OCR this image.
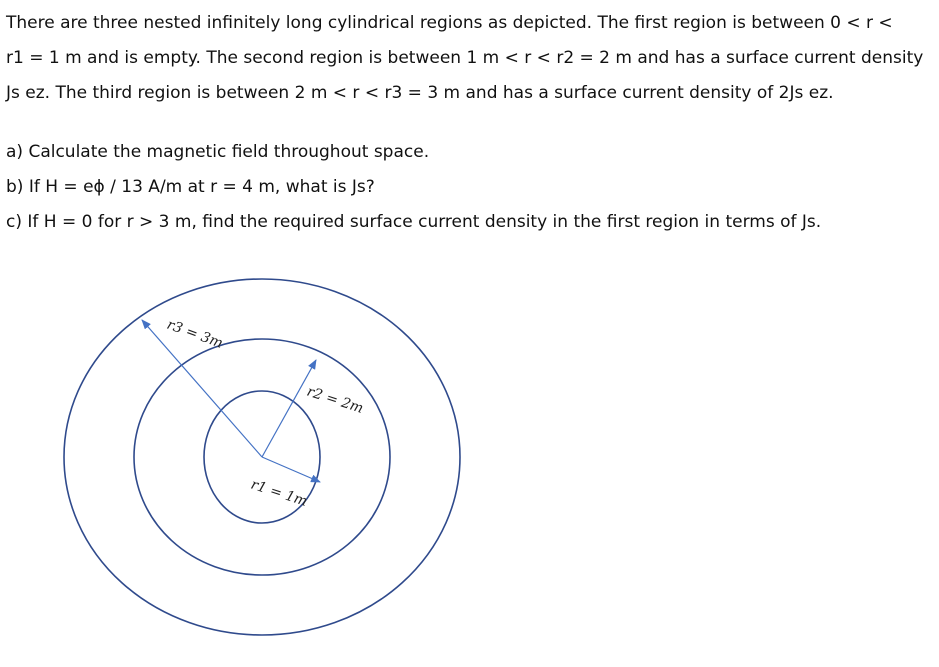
There are three nested infinitely long cylindrical regions as depicted. The first region is between 0 < r <

r1 = 1 m and is empty. The second region is between 1 m < r < r2 = 2 m and has a surface current density

Js ez. The third region is between 2 m < r < r3 = 3 m and has a surface current density of 2Js ez.

a) Calculate the magnetic field throughout space.

b) If H = eϕ / 13 A/m at r = 4 m, what is Js?

c) If H = 0 for r > 3 m, find the required surface current density in the first region in terms of Js.

r3 = 3m
r2 = 2m
r1 = 1m
